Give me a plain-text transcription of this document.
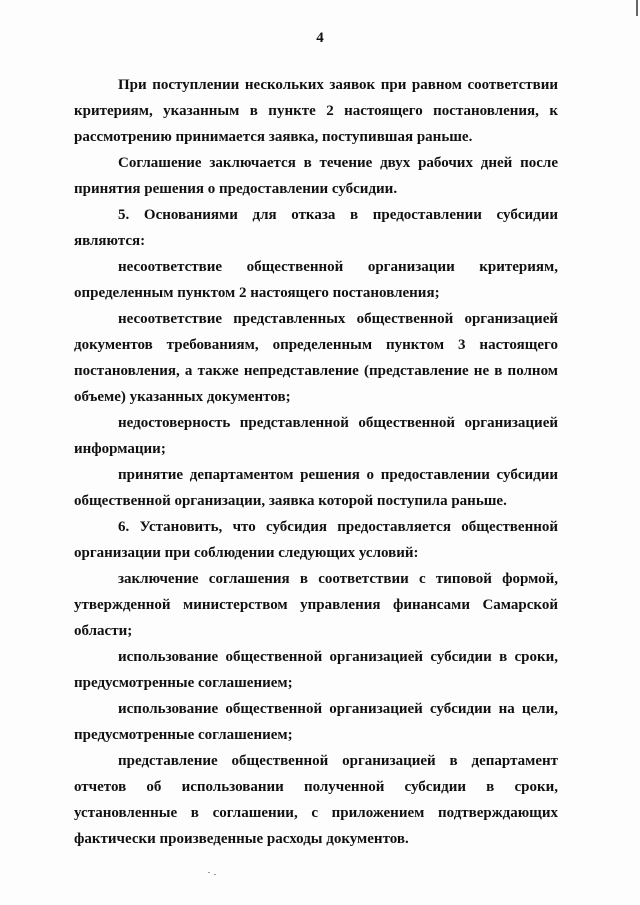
4

При поступлении нескольких заявок при равном соответствии критериям, указанным в пункте 2 настоящего постановления, к рассмотрению принимается заявка, поступившая раньше.

Соглашение заключается в течение двух рабочих дней после принятия решения о предоставлении субсидии.

5. Основаниями для отказа в предоставлении субсидии являются:

несоответствие общественной организации критериям, определенным пунктом 2 настоящего постановления;

несоответствие представленных общественной организацией документов требованиям, определенным пунктом 3 настоящего постановления, а также непредставление (представление не в полном объеме) указанных документов;

недостоверность представленной общественной организацией информации;

принятие департаментом решения о предоставлении субсидии общественной организации, заявка которой поступила раньше.

6. Установить, что субсидия предоставляется общественной организации при соблюдении следующих условий:

заключение соглашения в соответствии с типовой формой, утвержденной министерством управления финансами Самарской области;

использование общественной организацией субсидии в сроки, предусмотренные соглашением;

использование общественной организацией субсидии на цели, предусмотренные соглашением;

представление общественной организацией в департамент отчетов об использовании полученной субсидии в сроки, установленные в соглашении, с приложением подтверждающих фактически произведенные расходы документов.
